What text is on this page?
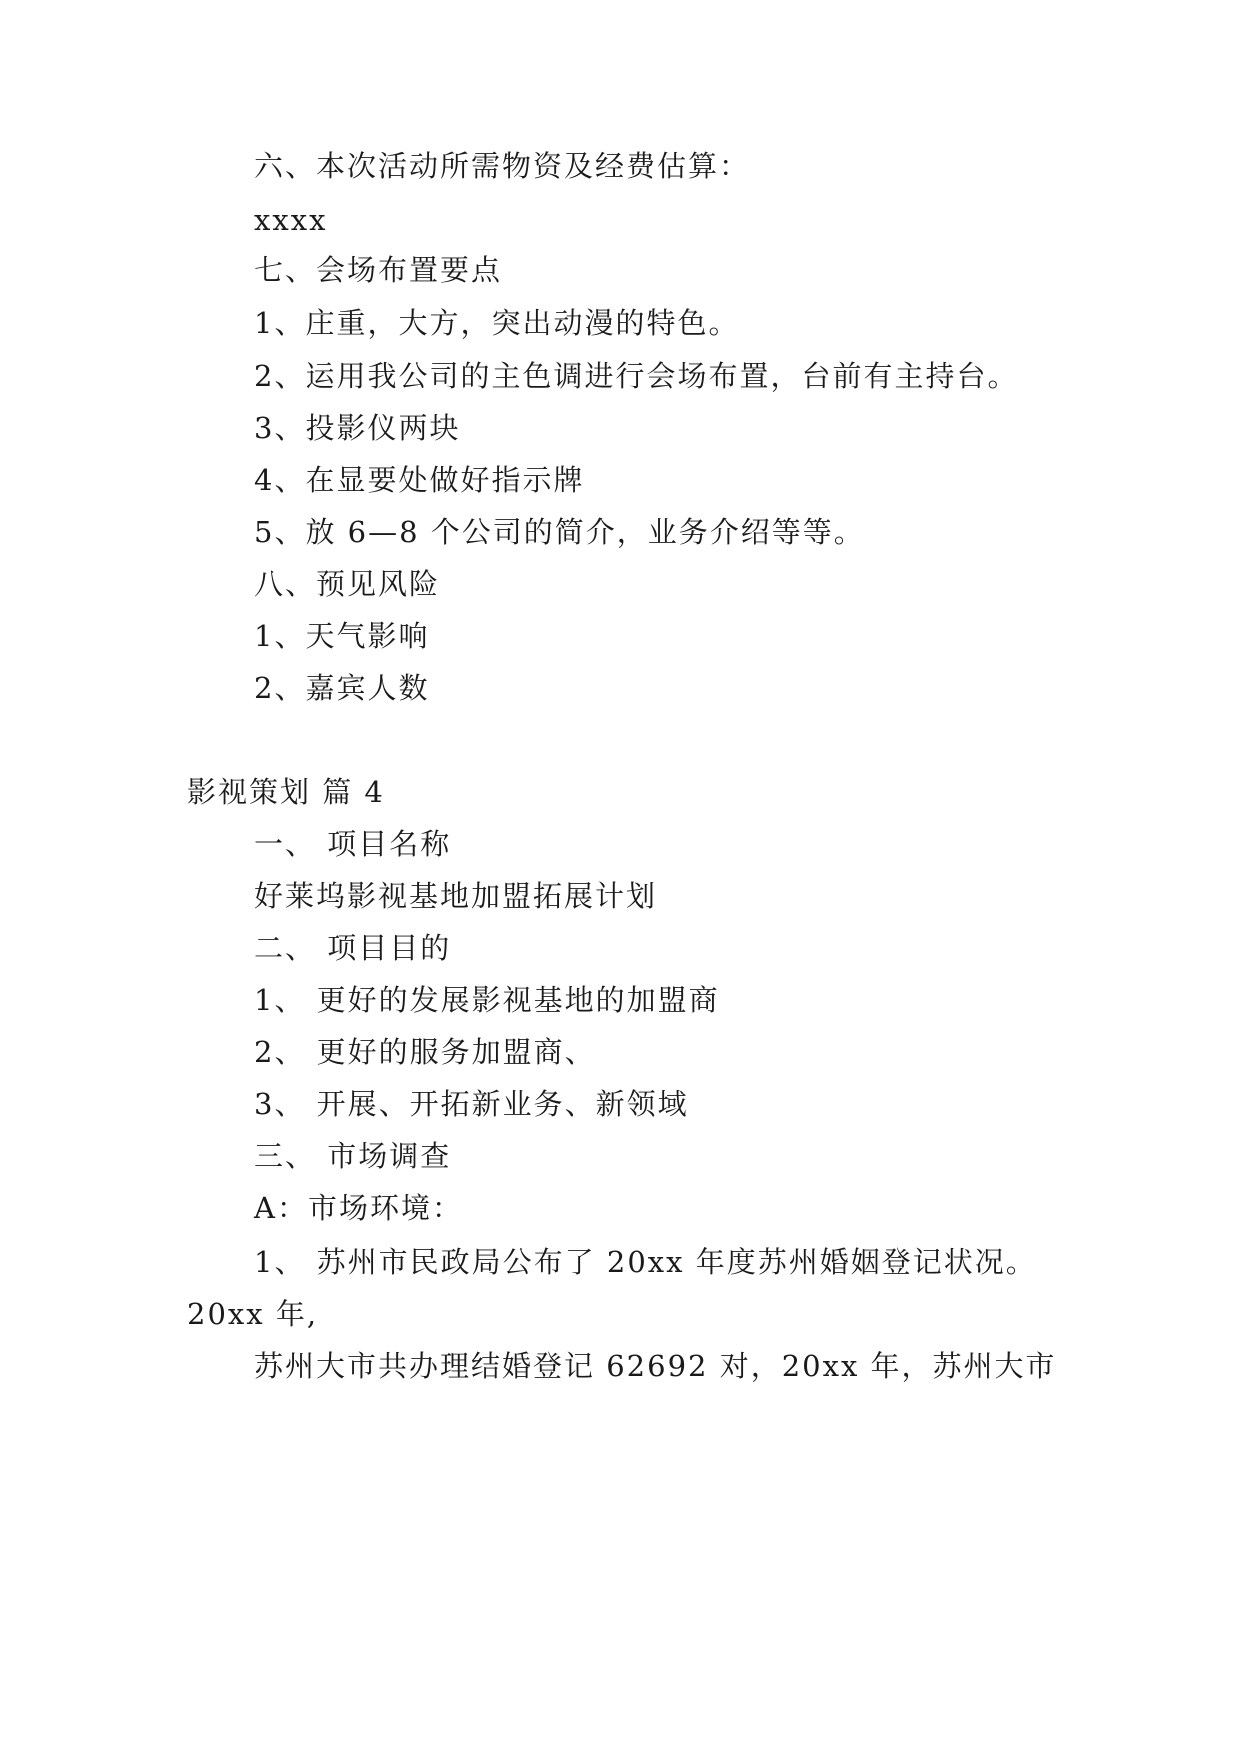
六、本次活动所需物资及经费估算：
xxxx
七、会场布置要点
1、庄重，大方，突出动漫的特色。
2、运用我公司的主色调进行会场布置，台前有主持台。
3、投影仪两块
4、在显要处做好指示牌
5、放 6—8 个公司的简介，业务介绍等等。
八、预见风险
1、天气影响
2、嘉宾人数
影视策划 篇 4
一、 项目名称
好莱坞影视基地加盟拓展计划
二、 项目目的
1、 更好的发展影视基地的加盟商
2、 更好的服务加盟商、
3、 开展、开拓新业务、新领域
三、 市场调查
A：市场环境：
1、 苏州市民政局公布了 20xx 年度苏州婚姻登记状况。
20xx 年,
苏州大市共办理结婚登记 62692 对，20xx 年，苏州大市
